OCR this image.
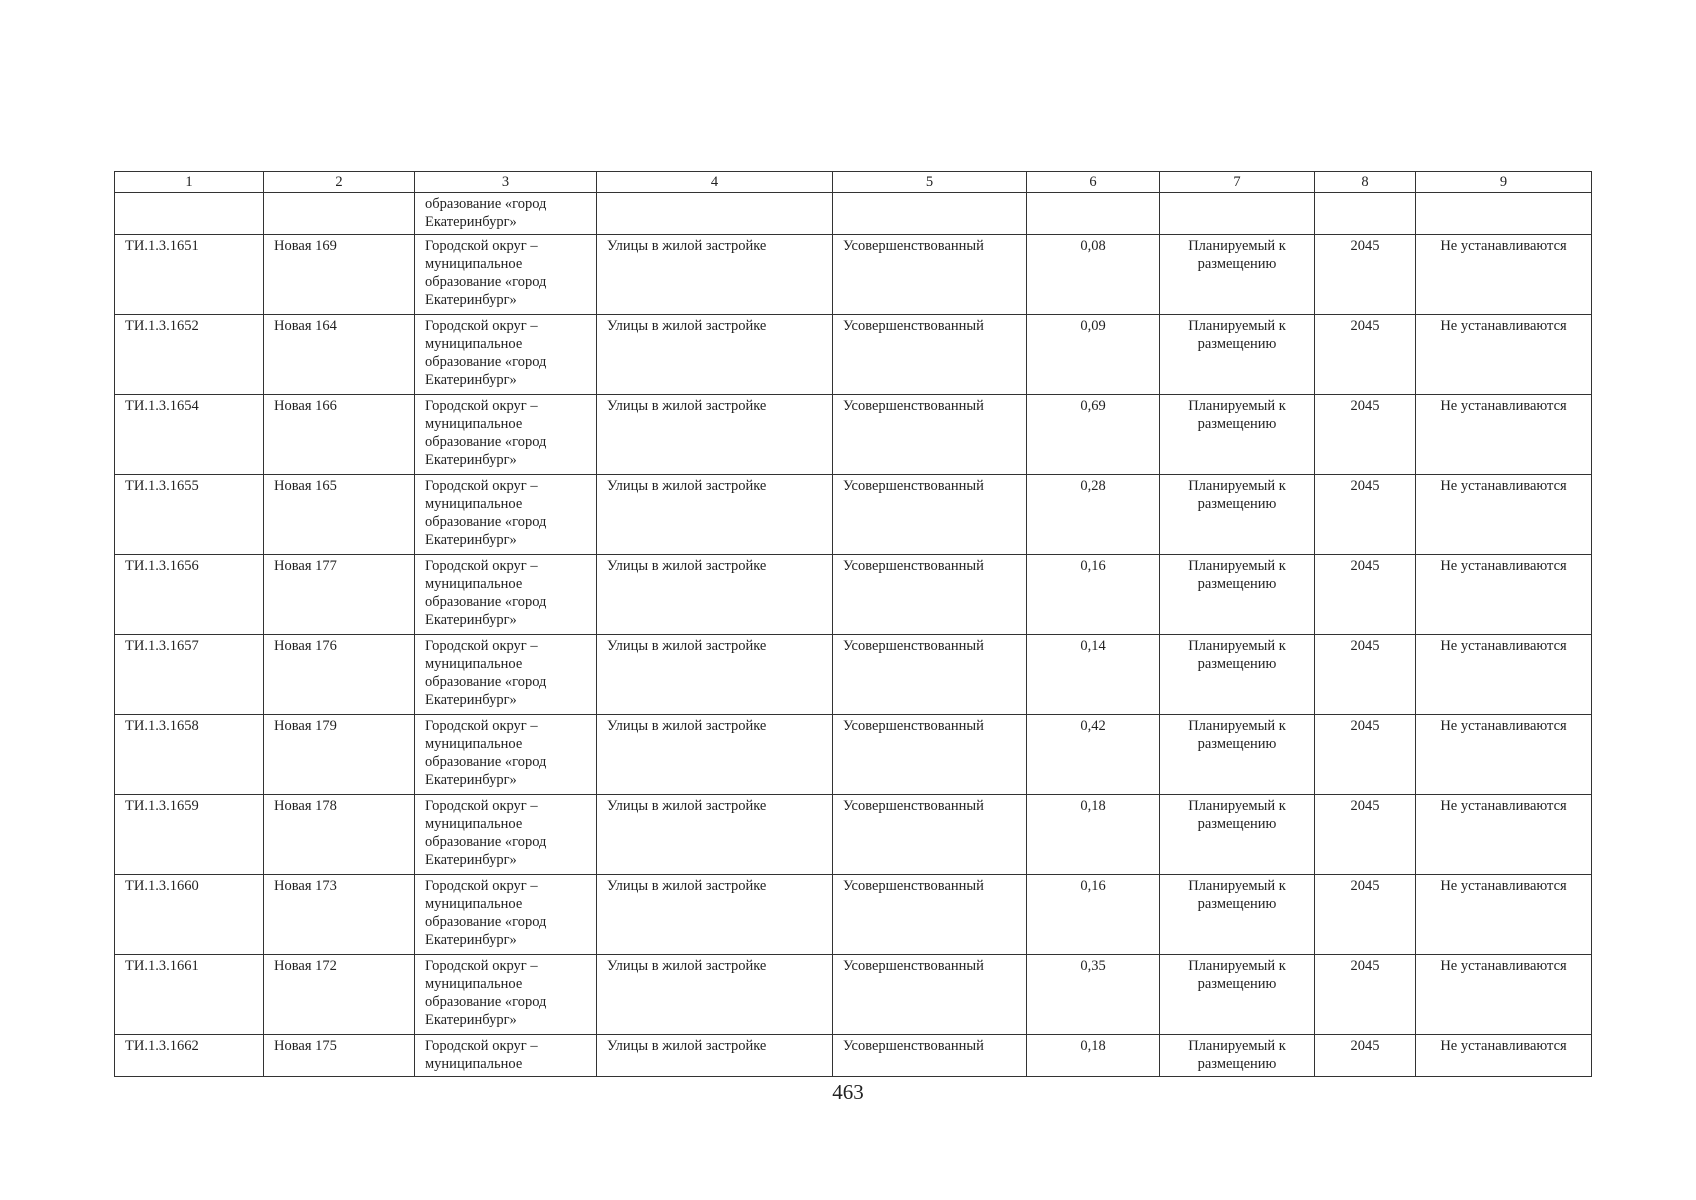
1	2	3	4	5	6	7	8	9
		образование «город Екатеринбург»						
ТИ.1.3.1651	Новая 169	Городской округ – муниципальное образование «город Екатеринбург»	Улицы в жилой застройке	Усовершенствованный	0,08	Планируемый к размещению	2045	Не устанавливаются
ТИ.1.3.1652	Новая 164	Городской округ – муниципальное образование «город Екатеринбург»	Улицы в жилой застройке	Усовершенствованный	0,09	Планируемый к размещению	2045	Не устанавливаются
ТИ.1.3.1654	Новая 166	Городской округ – муниципальное образование «город Екатеринбург»	Улицы в жилой застройке	Усовершенствованный	0,69	Планируемый к размещению	2045	Не устанавливаются
ТИ.1.3.1655	Новая 165	Городской округ – муниципальное образование «город Екатеринбург»	Улицы в жилой застройке	Усовершенствованный	0,28	Планируемый к размещению	2045	Не устанавливаются
ТИ.1.3.1656	Новая 177	Городской округ – муниципальное образование «город Екатеринбург»	Улицы в жилой застройке	Усовершенствованный	0,16	Планируемый к размещению	2045	Не устанавливаются
ТИ.1.3.1657	Новая 176	Городской округ – муниципальное образование «город Екатеринбург»	Улицы в жилой застройке	Усовершенствованный	0,14	Планируемый к размещению	2045	Не устанавливаются
ТИ.1.3.1658	Новая 179	Городской округ – муниципальное образование «город Екатеринбург»	Улицы в жилой застройке	Усовершенствованный	0,42	Планируемый к размещению	2045	Не устанавливаются
ТИ.1.3.1659	Новая 178	Городской округ – муниципальное образование «город Екатеринбург»	Улицы в жилой застройке	Усовершенствованный	0,18	Планируемый к размещению	2045	Не устанавливаются
ТИ.1.3.1660	Новая 173	Городской округ – муниципальное образование «город Екатеринбург»	Улицы в жилой застройке	Усовершенствованный	0,16	Планируемый к размещению	2045	Не устанавливаются
ТИ.1.3.1661	Новая 172	Городской округ – муниципальное образование «город Екатеринбург»	Улицы в жилой застройке	Усовершенствованный	0,35	Планируемый к размещению	2045	Не устанавливаются
ТИ.1.3.1662	Новая 175	Городской округ – муниципальное	Улицы в жилой застройке	Усовершенствованный	0,18	Планируемый к размещению	2045	Не устанавливаются
463
